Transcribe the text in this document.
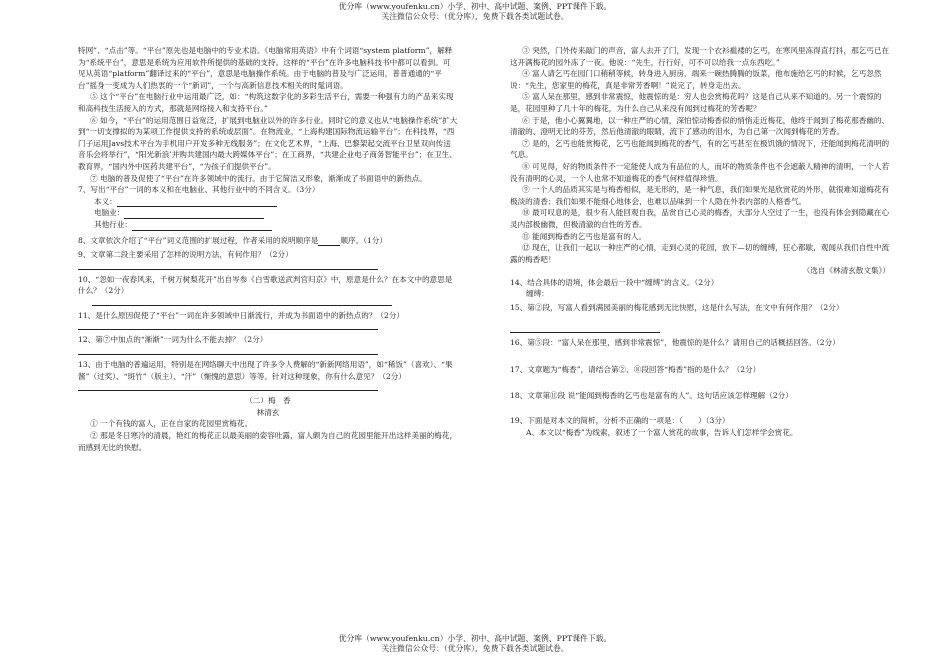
优分库（www.youfenku.cn）小学、初中、高中试题、案例、PPT课件下载。
关注微信公众号：（优分库），免费下载各类试题试卷。

特网”、“点击”等。“平台”原先也是电脑中的专业术语。《电脑常用英语》中有个词语“system platform”，解释为“系统平台”，意思是系统为应用软件所提供的基础的支持。这样的“平台”在许多电脑科技书中都可以看到。可见从英语“platform”翻译过来的“平台”，意思是电脑操作系统。由于电脑的普及与广泛运用，普普通通的“平台”摇身一变成为人们热衷的一个“新词”，一个与高新信息技术相关的时髦词语。

⑤ 这个“平台”在电脑行业中运用最广泛，如：“构筑这数字化的多彩生活平台，需要一种强有力的产品来实现和高科技生活接入的方式，那就是网络接入和支持平台。”

⑥ 如今，“平台”的运用范围日益宽泛，扩展到电脑业以外的许多行业。同时它的意义也从“电脑操作系统”扩大到“一切支撑拟的为某项工作提供支持的系统或层面”。在物流业，“上海构建国际物流运输平台”；在科技界，“西门子运用Javs技术平台为手机用户开发多种无线服务”；在文化艺术界，“上海、巴黎架起交流平台卫星双向传送音乐会将举行”，“阳光新浪’并购共建国内最大跨媒体平台”；在工商界，“共建企业电子商务智能平台”；在卫生、教育界，“国内外中医药共建平台”，“为孩子们提供平台”。

⑦ 电脑的普及促使了“平台”在许多领域中的流行。由于它简洁又形象，渐渐成了书面语中的新热点。

7、写出“平台”一词的本义和在电脑业、其他行业中的不同含义。（3分）

本义：

电脑业：

其他行业：

8、文章依次介绍了“平台”词义范围的扩展过程，作者采用的说明顺序是	顺序。（1分）

9、文章第二段主要采用了怎样的说明方法，有何作用？（2分）

10、“忽如一夜春风来，千树万树梨花开”出自岑参《白雪歌送武判官归京》中，原意是什么？在本文中的意思是什么？（2分）

11、是什么原因促使了“平台”一词在许多领域中日渐流行，并成为书面语中的新热点的？（2分）

12、第⑦中加点的“渐渐”一词为什么不能去掉？（2分）

13、由于电脑的普遍运用，特别是在网络聊天中出现了许多令人费解的“新新网络用语”，如“稀饭”（喜欢）、“果酱”（过奖）、“斑竹”（版主）、“汗”（惭愧的意思）等等。针对这种现象，你有什么意见？（2分）

（二）梅　香

林清玄

① 一个有钱的富人，正在自家的花园里赏梅花。

② 那是冬日寒冷的清晨，艳红的梅花正以最美丽的姿容吐露，富人颇为自己的花园里能开出这样美丽的梅花，而感到无比的快慰。

③ 突然，门外传来敲门的声音，富人去开了门，发现一个衣衫褴褛的乞丐，在寒风里冻得直打抖，那乞丐已在这开满梅花的园外冻了一夜。他说：“先生，行行好，可不可以给我一点东西吃。”

④ 富人请乞丐在园门口稍稍等候，转身进入厨房，端来一碗热腾腾的饭菜，他布施给乞丐的时候，乞丐忽然说：“先生，您家里的梅花，真是非常芳香啊！”说完了，转身走出去。

⑤ 富人呆在那里，感到非常震惊，他震惊的是：穷人也会赏梅花吗？这是自己从来不知道的。另一个震惊的是，花园里种了几十年的梅花，为什么自己从来没有闻到过梅花的芳香呢？

⑥ 于是，他小心翼翼地，以一种庄严的心情，深怕惊动梅香似的悄悄走近梅花，他终于闻到了梅花那香幽的、清澈的、澄明无比的芬芳，然后他清澈的眼睛，流下了感动的泪水，为自己第一次闻到梅花的芳香。

⑦ 是的，乞丐也能赏梅花，乞丐也能闻到梅花的香气，有的乞丐甚至在极饥饿的情况下，还能闻到梅花清明的气息。

⑧ 可见得，好的物质条件不一定能使人成为有品位的人，而坏的物质条件也不会遮蔽人精神的清明，一个人若没有清明的心灵，一个人也常不知道梅花的香气何样值得珍惜。

⑨ 一个人的品质其实是与梅香相似，是无形的，是一种气息，我们如果光是欣赏花的外形，就很难知道梅花有极淡的清香；我们如果不能细心地体会，也难以品味到一个人隐在外表内部的人格香气。

⑩ 最可叹息的是，很少有人能回观自我，品赏自己心灵的梅香，大部分人空过了一生，也没有体会到隐藏在心灵内部极幽微，但极清澈的自性的芳香。

⑪ 能闻到梅香的乞丐也是富有的人。

⑫ 现在，让我们一起以一种庄严的心情，走到心灵的花园，放下—切的缠缚，狂心都歇，观闻从我们自性中流露的梅香吧！

（选自《林清玄散文集》）

14、结合具体的语境，体会最后一段中“缠缚”的含义。（2分）

缠缚：

15、第②段，写富人看到满园美丽的梅花感到无比快慰，这是什么写法，在文中有何作用？（2分）

16、第⑤段：“富人呆在那里，感到非常震惊”，他震惊的是什么？请用自己的话概括回答。（2分）

17、文章题为“梅香”，请结合第②、⑧段回答“梅香”指的是什么？（2分）

18、文章第⑪段 说“能闻到梅香的乞丐也是富有的人”。这句话应该怎样理解（2分）

19、下面是对本文的简析，分析不正确的一项是：（　　）（3分）

A、本文以“梅香”为线索，叙述了一个富人赏花的故事，告诉人们怎样学会赏花。

优分库（www.youfenku.cn）小学、初中、高中试题、案例、PPT课件下载。
关注微信公众号：（优分库），免费下载各类试题试卷。
